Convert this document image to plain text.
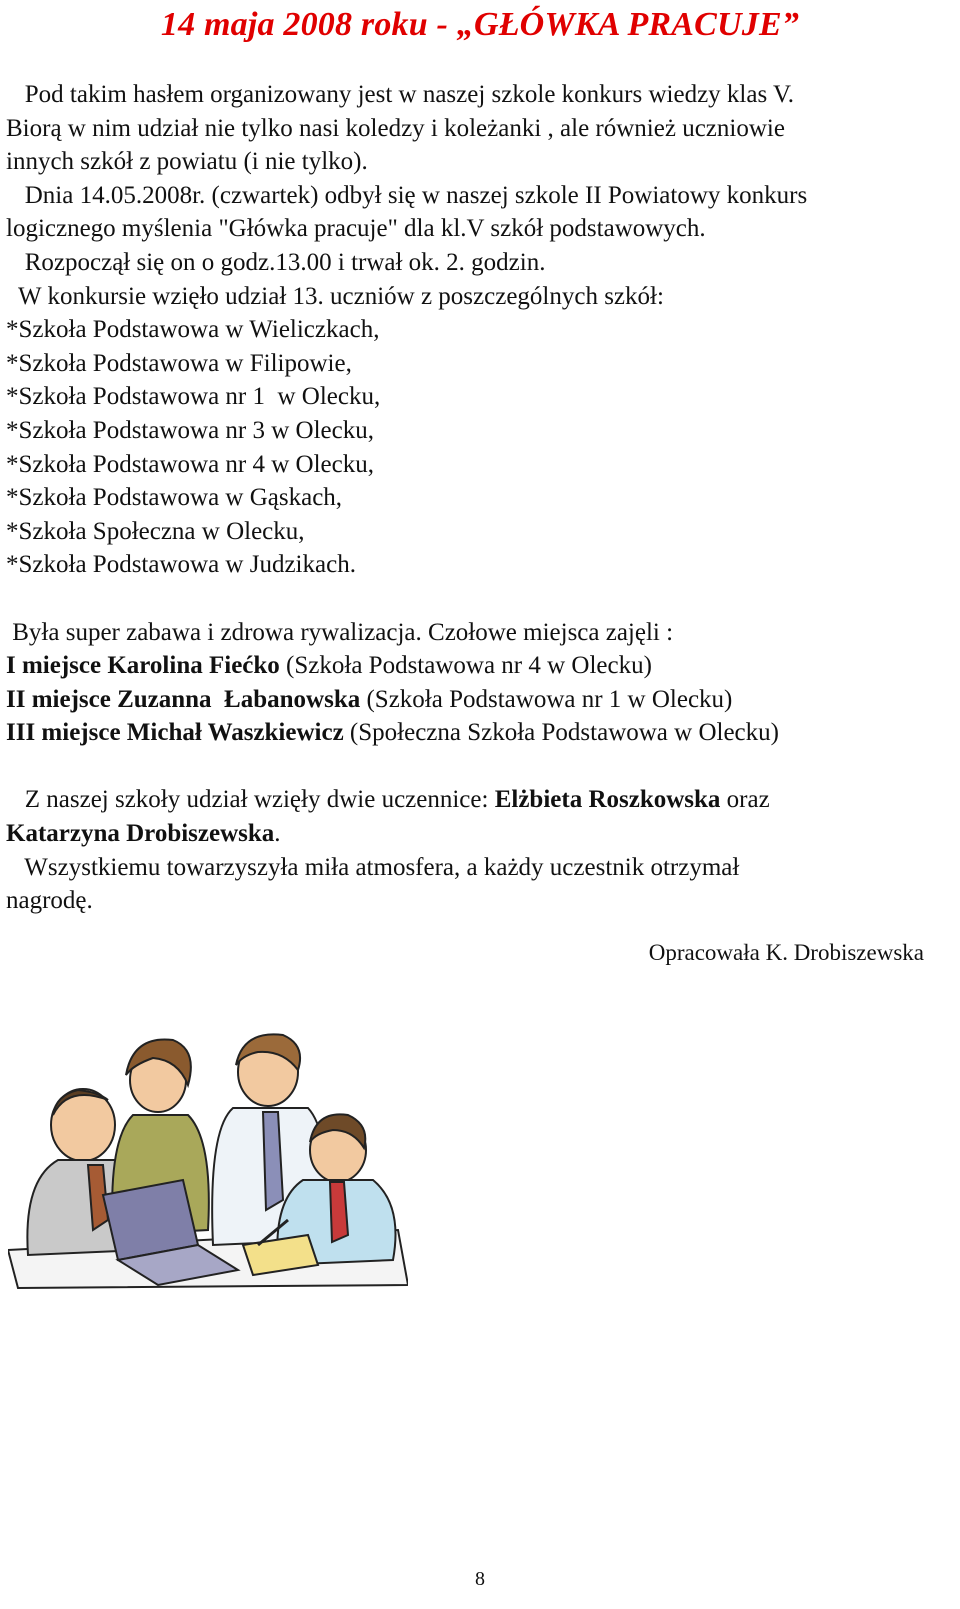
14 maja 2008 roku - „GŁÓWKA PRACUJE”

Pod takim hasłem organizowany jest w naszej szkole konkurs wiedzy klas V.

Biorą w nim udział nie tylko nasi koledzy i koleżanki , ale również uczniowie

innych szkół z powiatu (i nie tylko).

Dnia 14.05.2008r. (czwartek) odbył się w naszej szkole II Powiatowy konkurs

logicznego myślenia "Główka pracuje" dla kl.V szkół podstawowych.

Rozpoczął się on o godz.13.00 i trwał ok. 2. godzin.

W konkursie wzięło udział 13. uczniów z poszczególnych szkół:

*Szkoła Podstawowa w Wieliczkach,

*Szkoła Podstawowa w Filipowie,

*Szkoła Podstawowa nr 1  w Olecku,

*Szkoła Podstawowa nr 3 w Olecku,

*Szkoła Podstawowa nr 4 w Olecku,

*Szkoła Podstawowa w Gąskach,

*Szkoła Społeczna w Olecku,

*Szkoła Podstawowa w Judzikach.

Była super zabawa i zdrowa rywalizacja. Czołowe miejsca zajęli :

I miejsce Karolina Fiećko (Szkoła Podstawowa nr 4 w Olecku)

II miejsce Zuzanna  Łabanowska (Szkoła Podstawowa nr 1 w Olecku)

III miejsce Michał Waszkiewicz (Społeczna Szkoła Podstawowa w Olecku)

Z naszej szkoły udział wzięły dwie uczennice: Elżbieta Roszkowska oraz

Katarzyna Drobiszewska.

Wszystkiemu towarzyszyła miła atmosfera, a każdy uczestnik otrzymał

nagrodę.

Opracowała K. Drobiszewska
8
